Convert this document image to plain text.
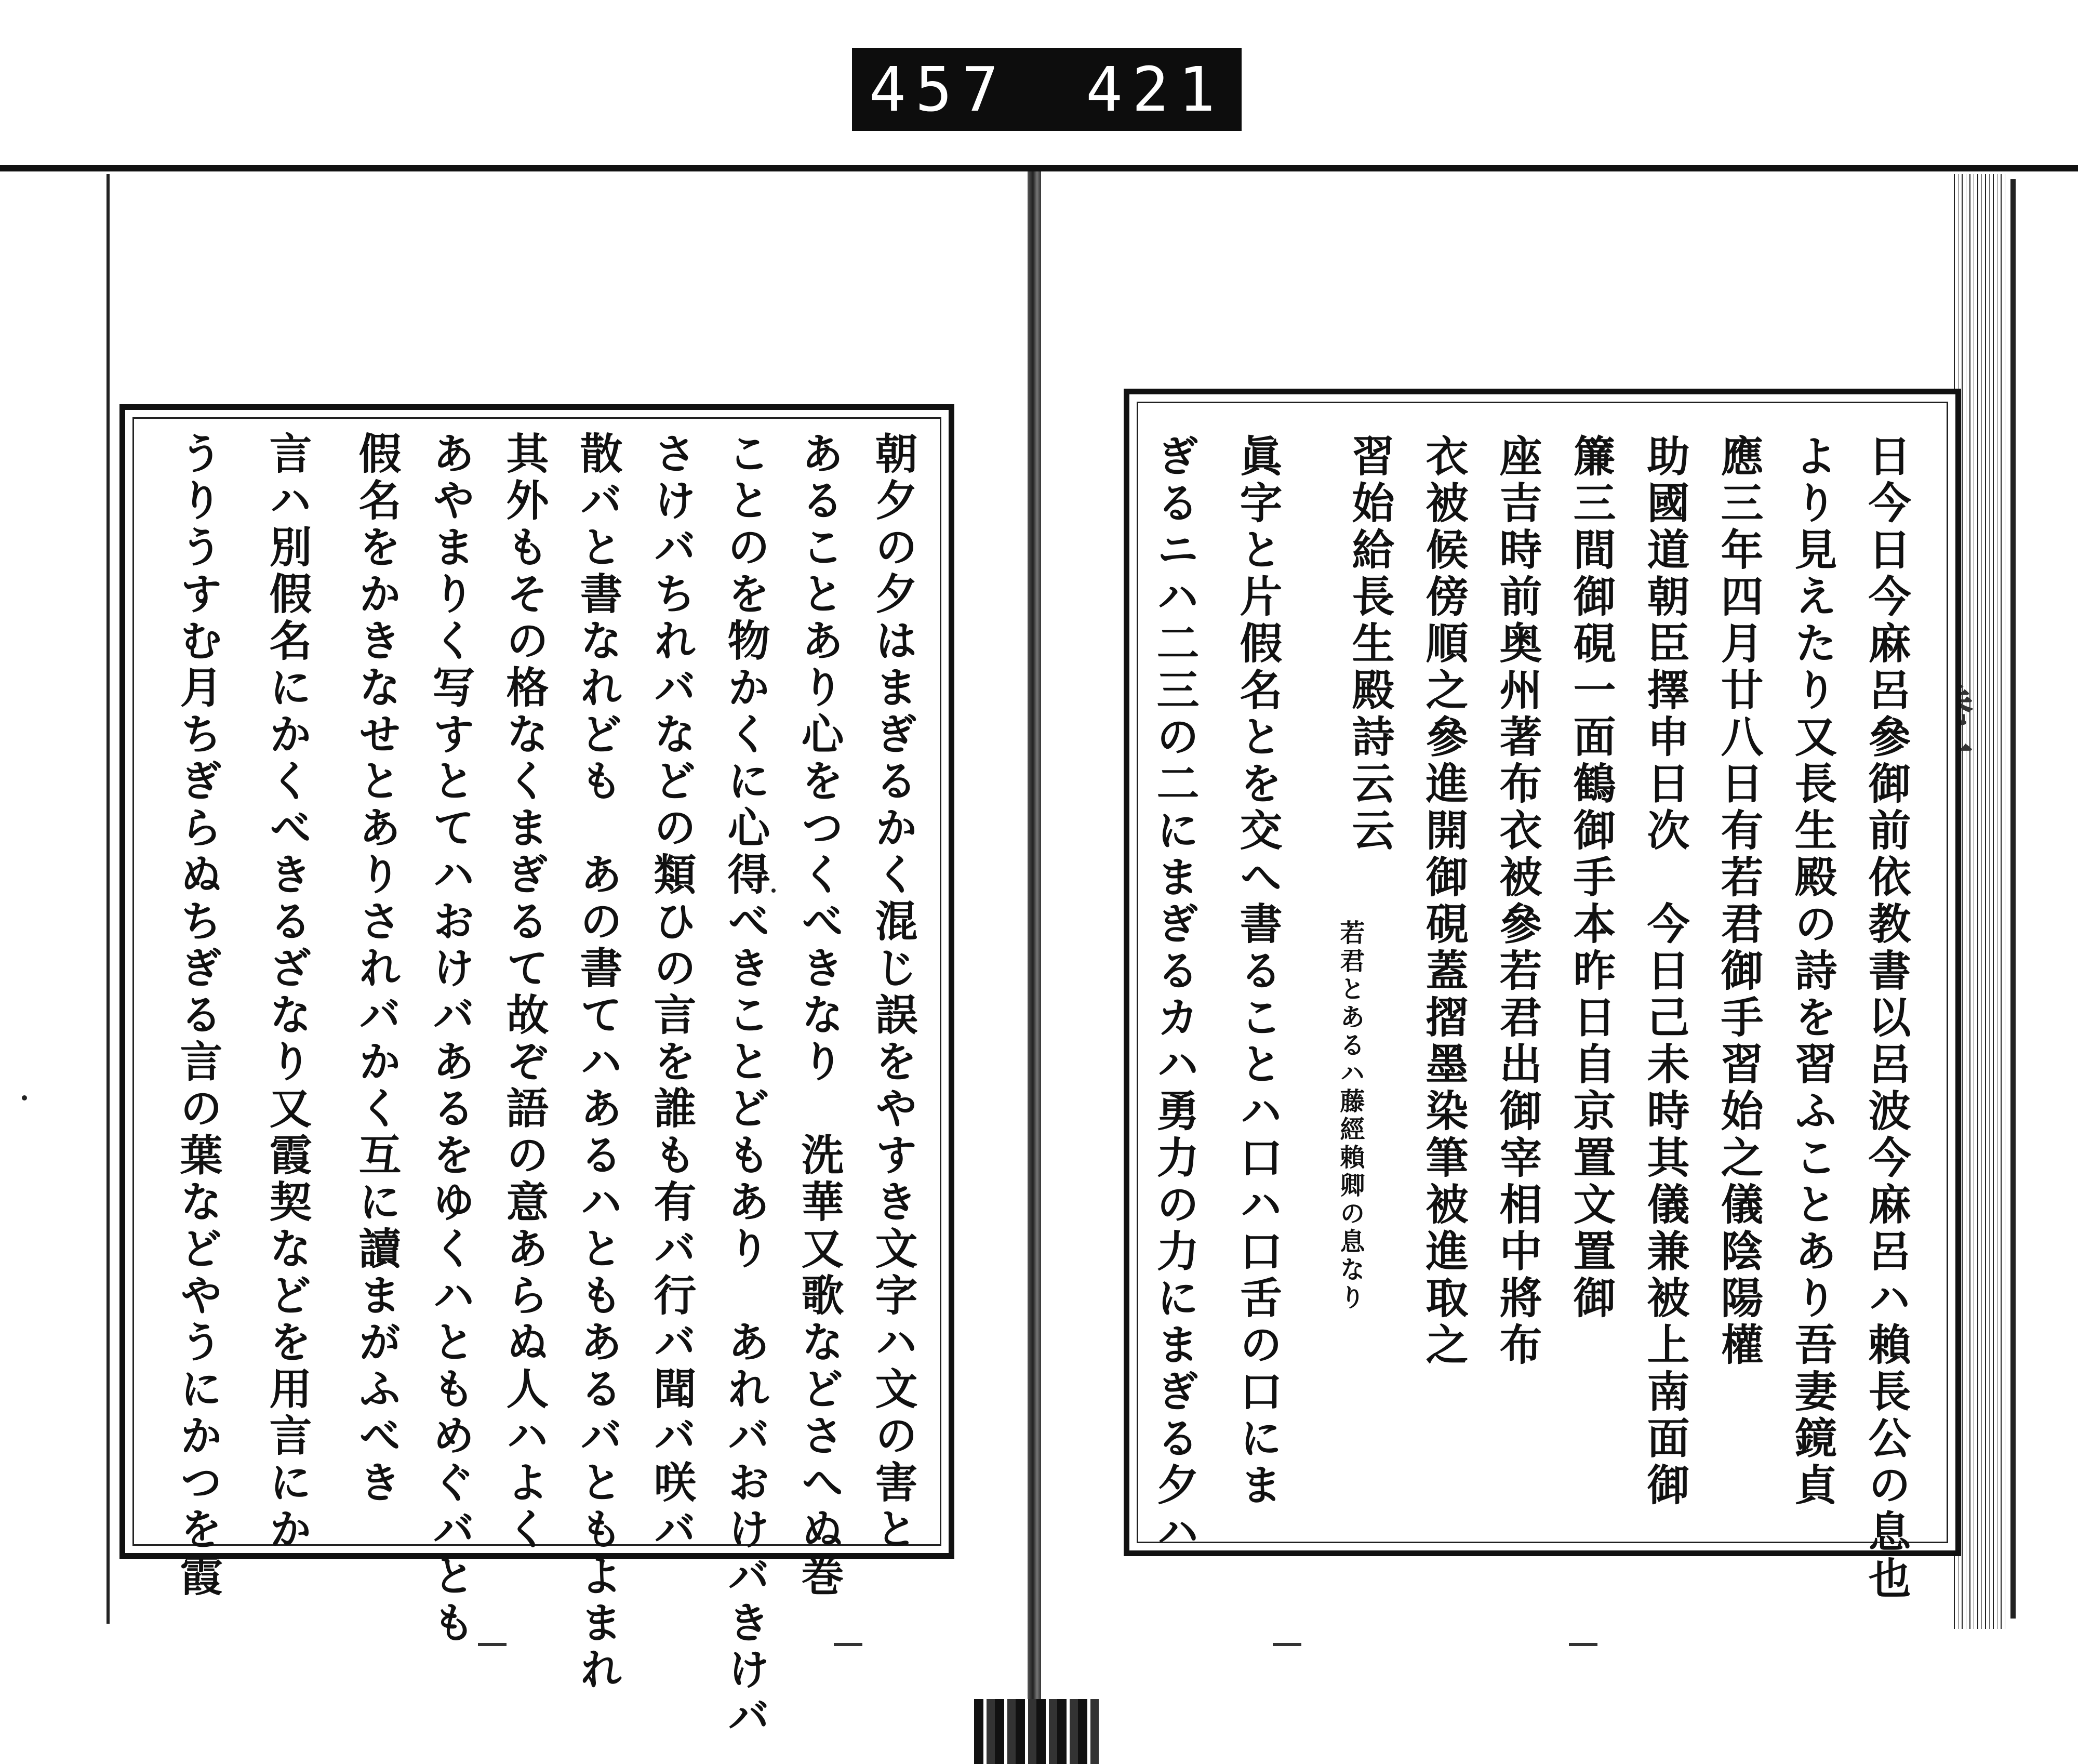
457 421
朝夕の夕はまぎるかく混じ誤をやすき文字ハ文の害と
あることあり心をつくべきなり　洗華又歌などさへぬ巻
ことのを物かくに心得べきことどもあり　あれバおけバきけバ
さけバちれバなどの類ひの言を誰も有バ行バ聞バ咲バ
散バと書なれども　あの書てハあるハともあるバともよまれ
其外もその格なくまぎるて故ぞ語の意あらぬ人ハよく
あやまりく写すとてハおけバあるをゆくハともめぐバとも
假名をかきなせとありされバかく互に讀まがふべき
言ハ別假名にかくべきるざなり又霞契などを用言にか
うりうすむ月ちぎらぬちぎる言の葉などやうにかつを霞	日今日今麻呂參御前依教書以呂波今麻呂ハ賴長公の息也
より見えたり又長生殿の詩を習ふことあり吾妻鏡貞
應三年四月廿八日有若君御手習始之儀陰陽權
助國道朝臣擇申日次　今日己未時其儀兼被上南面御
簾三間御硯一面鶴御手本昨日自京置文置御
座吉時前奥州著布衣被參若君出御宰相中將布
衣被候傍順之參進開御硯蓋摺墨染筆被進取之
習始給長生殿詩云云
若君とあるハ藤經賴卿の息なり
眞字と片假名とを交へ書ることハ口ハ口舌の口にま
ぎるニハ二三の二にまぎるカハ勇力の力にまぎる夕ハ
